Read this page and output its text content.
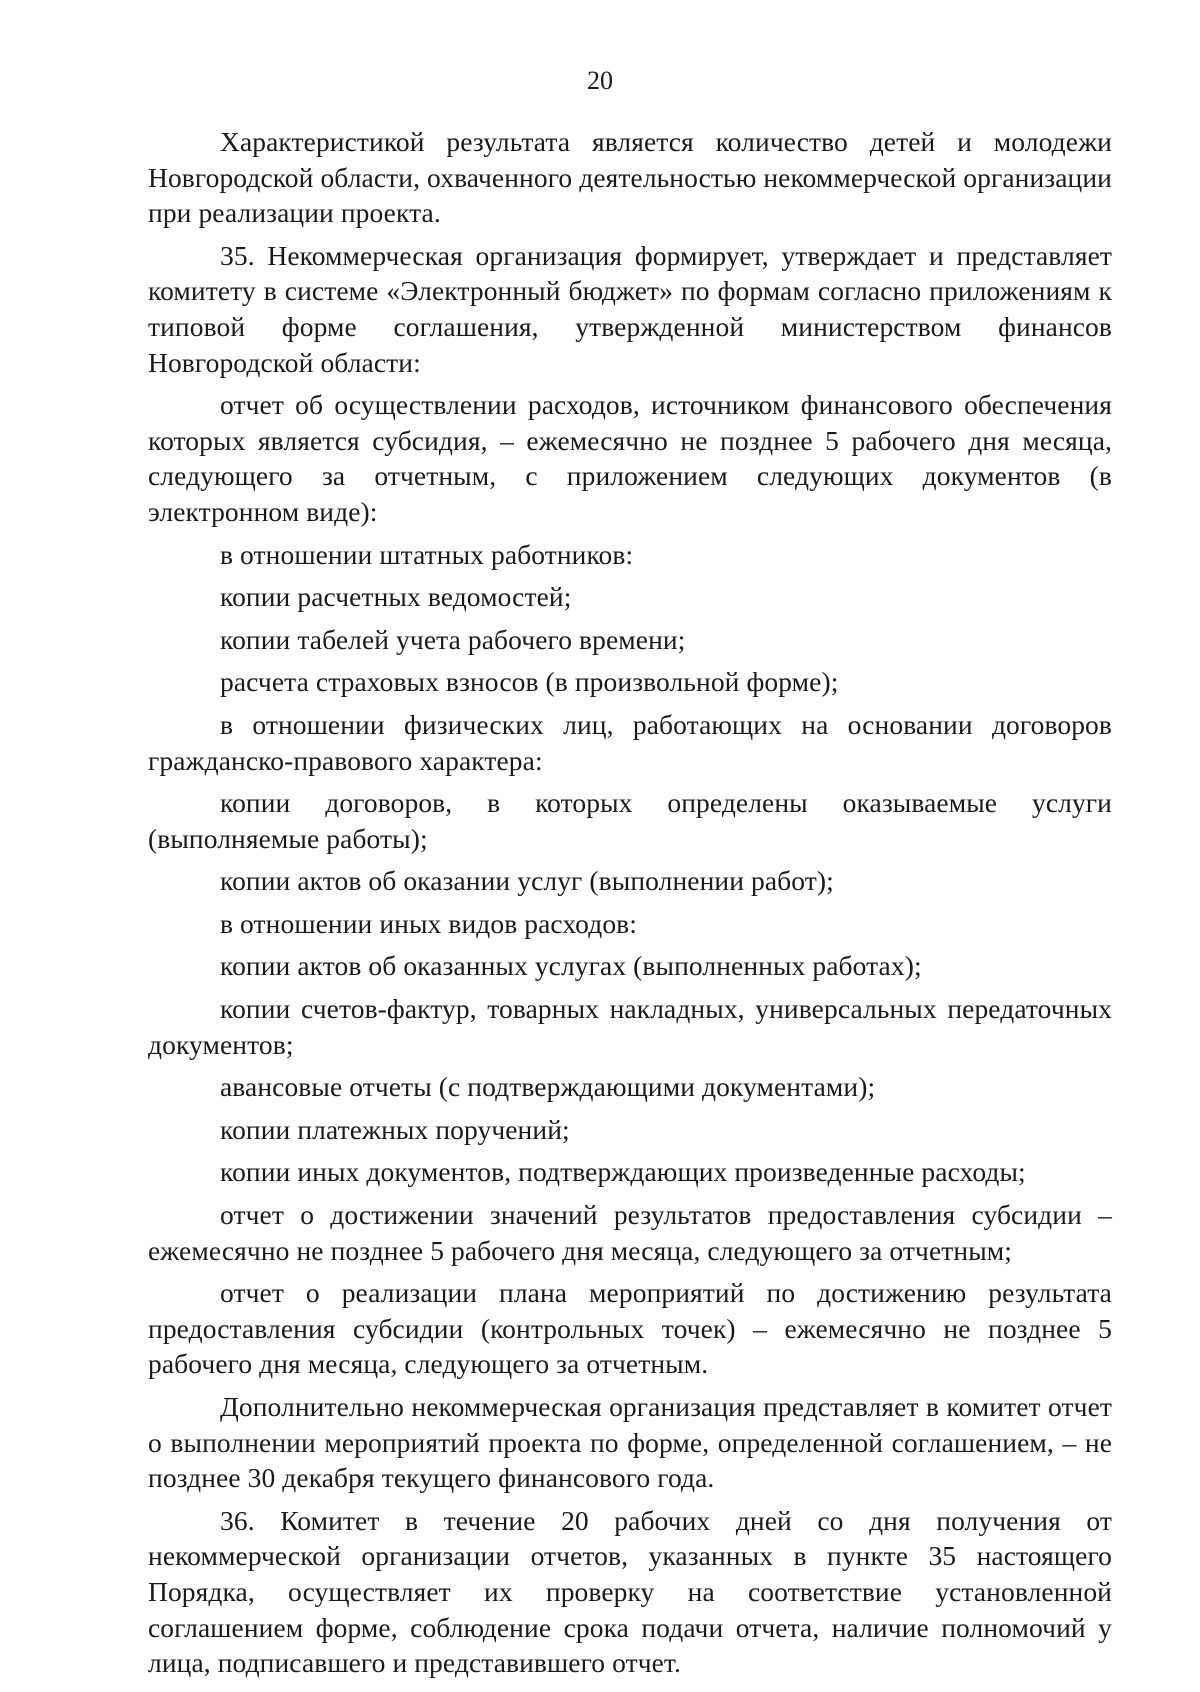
20

Характеристикой результата является количество детей и молодежи Новгородской области, охваченного деятельностью некоммерческой организации при реализации проекта.

35. Некоммерческая организация формирует, утверждает и представляет комитету в системе «Электронный бюджет» по формам согласно приложениям к типовой форме соглашения, утвержденной министерством финансов Новгородской области:

отчет об осуществлении расходов, источником финансового обеспечения которых является субсидия, – ежемесячно не позднее 5 рабочего дня месяца, следующего за отчетным, с приложением следующих документов (в электронном виде):

в отношении штатных работников:

копии расчетных ведомостей;

копии табелей учета рабочего времени;

расчета страховых взносов (в произвольной форме);

в отношении физических лиц, работающих на основании договоров гражданско-правового характера:

копии договоров, в которых определены оказываемые услуги (выполняемые работы);

копии актов об оказании услуг (выполнении работ);

в отношении иных видов расходов:

копии актов об оказанных услугах (выполненных работах);

копии счетов-фактур, товарных накладных, универсальных передаточных документов;

авансовые отчеты (с подтверждающими документами);

копии платежных поручений;

копии иных документов, подтверждающих произведенные расходы;

отчет о достижении значений результатов предоставления субсидии – ежемесячно не позднее 5 рабочего дня месяца, следующего за отчетным;

отчет о реализации плана мероприятий по достижению результата предоставления субсидии (контрольных точек) – ежемесячно не позднее 5 рабочего дня месяца, следующего за отчетным.

Дополнительно некоммерческая организация представляет в комитет отчет о выполнении мероприятий проекта по форме, определенной соглашением, – не позднее 30 декабря текущего финансового года.

36. Комитет в течение 20 рабочих дней со дня получения от некоммерческой организации отчетов, указанных в пункте 35 настоящего Порядка, осуществляет их проверку на соответствие установленной соглашением форме, соблюдение срока подачи отчета, наличие полномочий у лица, подписавшего и представившего отчет.
